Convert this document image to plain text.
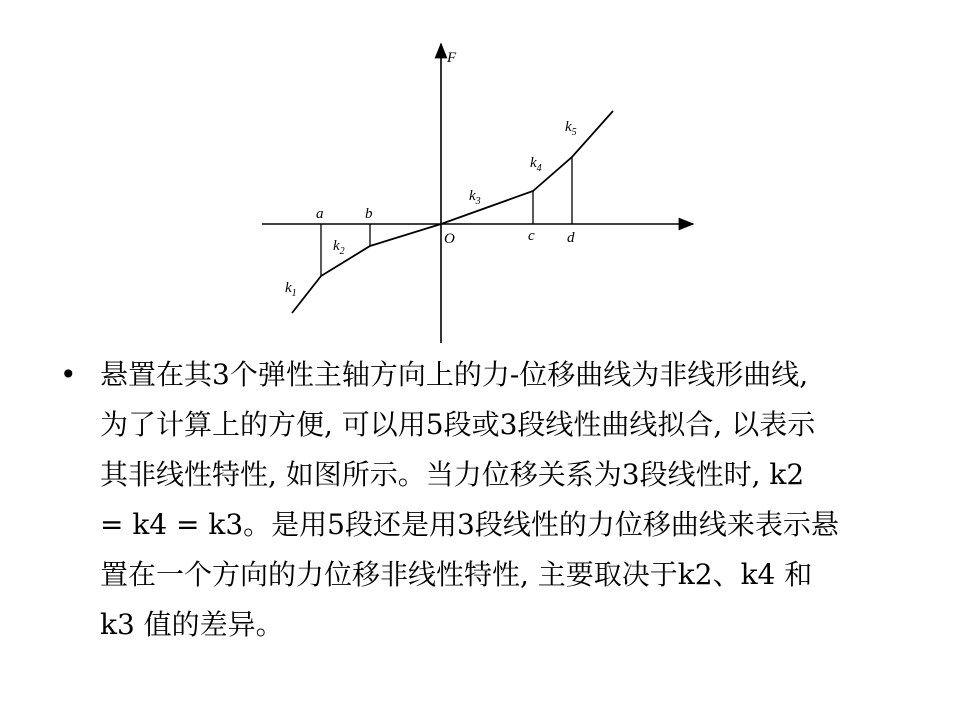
F
O
a	b
c d
$k_1$
$k_2$
$k_3$
$k_4$
$k_5$
• 悬置在其3个弹性主轴方向上的力-位移曲线为非线形曲线,
为了计算上的方便, 可以用5段或3段线性曲线拟合, 以表示
其非线性特性, 如图所示。当力位移关系为3段线性时, k2
= k4 = k3。是用5段还是用3段线性的力位移曲线来表示悬
置在一个方向的力位移非线性特性, 主要取决于k2、k4 和
k3 值的差异。
